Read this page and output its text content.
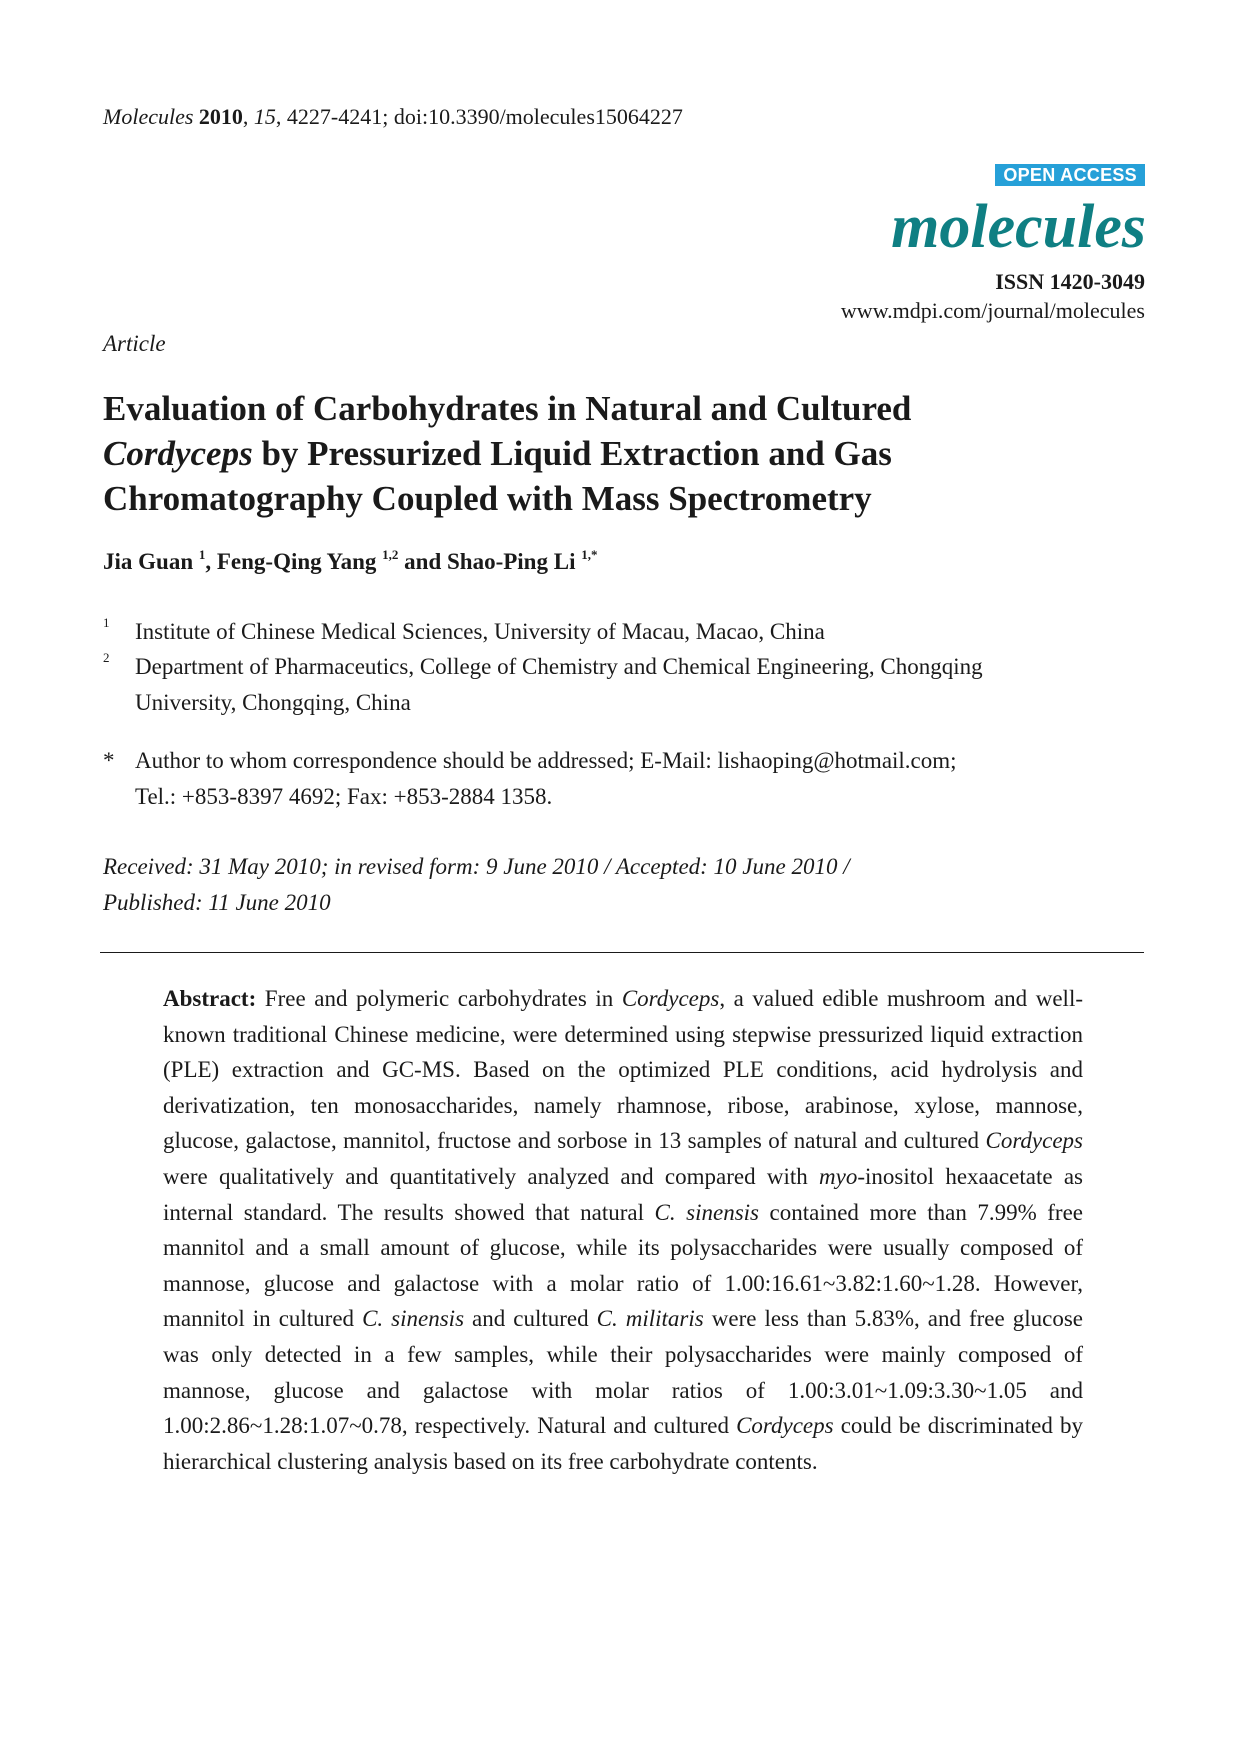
Molecules 2010, 15, 4227-4241; doi:10.3390/molecules15064227
OPEN ACCESS
molecules
ISSN 1420-3049
www.mdpi.com/journal/molecules
Article
Evaluation of Carbohydrates in Natural and Cultured
Cordyceps by Pressurized Liquid Extraction and Gas
Chromatography Coupled with Mass Spectrometry
Jia Guan $^1$, Feng-Qing Yang $^{1,2}$ and Shao-Ping Li $^{1,*}$
$^1$ Institute of Chinese Medical Sciences, University of Macau, Macao, China
$^2$ Department of Pharmaceutics, College of Chemistry and Chemical Engineering, Chongqing
University, Chongqing, China
* Author to whom correspondence should be addressed; E-Mail: lishaoping@hotmail.com;
Tel.: +853-8397 4692; Fax: +853-2884 1358.
Received: 31 May 2010; in revised form: 9 June 2010 / Accepted: 10 June 2010 /
Published: 11 June 2010

Abstract: Free and polymeric carbohydrates in Cordyceps, a valued edible mushroom and well-known traditional Chinese medicine, were determined using stepwise pressurized liquid extraction (PLE) extraction and GC-MS. Based on the optimized PLE conditions, acid hydrolysis and derivatization, ten monosaccharides, namely rhamnose, ribose, arabinose, xylose, mannose, glucose, galactose, mannitol, fructose and sorbose in 13 samples of natural and cultured Cordyceps were qualitatively and quantitatively analyzed and compared with myo-inositol hexaacetate as internal standard. The results showed that natural C. sinensis contained more than 7.99% free mannitol and a small amount of glucose, while its polysaccharides were usually composed of mannose, glucose and galactose with a molar ratio of 1.00:16.61~3.82:1.60~1.28. However, mannitol in cultured C. sinensis and cultured C. militaris were less than 5.83%, and free glucose was only detected in a few samples, while their polysaccharides were mainly composed of mannose, glucose and galactose with molar ratios of 1.00:3.01~1.09:3.30~1.05 and 1.00:2.86~1.28:1.07~0.78, respectively. Natural and cultured Cordyceps could be discriminated by hierarchical clustering analysis based on its free carbohydrate contents.
